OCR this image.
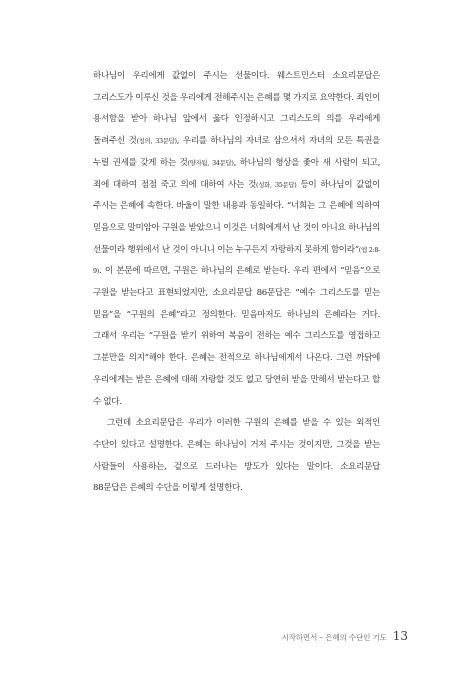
하나님이 우리에게 값없이 주시는 선물이다. 웨스트민스터 소요리문답은 그리스도가 이루신 것을 우리에게 전해주시는 은혜를 몇 가지로 요약한다. 죄인이 용서함을 받아 하나님 앞에서 옳다 인정하시고 그리스도의 의를 우리에게 돌려주신 것(칭의, 33문답), 우리를 하나님의 자녀로 삼으셔서 자녀의 모든 특권을 누릴 권세를 갖게 하는 것(양자됨, 34문답), 하나님의 형상을 좇아 새 사람이 되고, 죄에 대하여 점점 죽고 의에 대하여 사는 것(성화, 35문답) 등이 하나님이 값없이 주시는 은혜에 속한다. 바울이 말한 내용과 동일하다. “너희는 그 은혜에 의하여 믿음으로 말미암아 구원을 받았으니 이것은 너희에게서 난 것이 아니요 하나님의 선물이라 행위에서 난 것이 아니니 이는 누구든지 자랑하지 못하게 함이라”(엡 2:8-9). 이 본문에 따르면, 구원은 하나님의 은혜로 받는다. 우리 편에서 “믿음”으로 구원을 받는다고 표현되었지만, 소요리문답 86문답은 “예수 그리스도를 믿는 믿음”을 “구원의 은혜”라고 정의한다. 믿음마저도 하나님의 은혜라는 거다. 그래서 우리는 “구원을 받기 위하여 복음이 전하는 예수 그리스도를 영접하고 그분만을 의지”해야 한다. 은혜는 전적으로 하나님에게서 나온다. 그런 까닭에 우리에게는 받은 은혜에 대해 자랑할 것도 없고 당연히 받을 만해서 받는다고 할 수 없다.

그런데 소요리문답은 우리가 이러한 구원의 은혜를 받을 수 있는 외적인 수단이 있다고 설명한다. 은혜는 하나님이 거저 주시는 것이지만, 그것을 받는 사람들이 사용하는, 겉으로 드러나는 방도가 있다는 말이다. 소요리문답 88문답은 은혜의 수단을 이렇게 설명한다.

시작하면서 – 은혜의 수단인 기도 13
